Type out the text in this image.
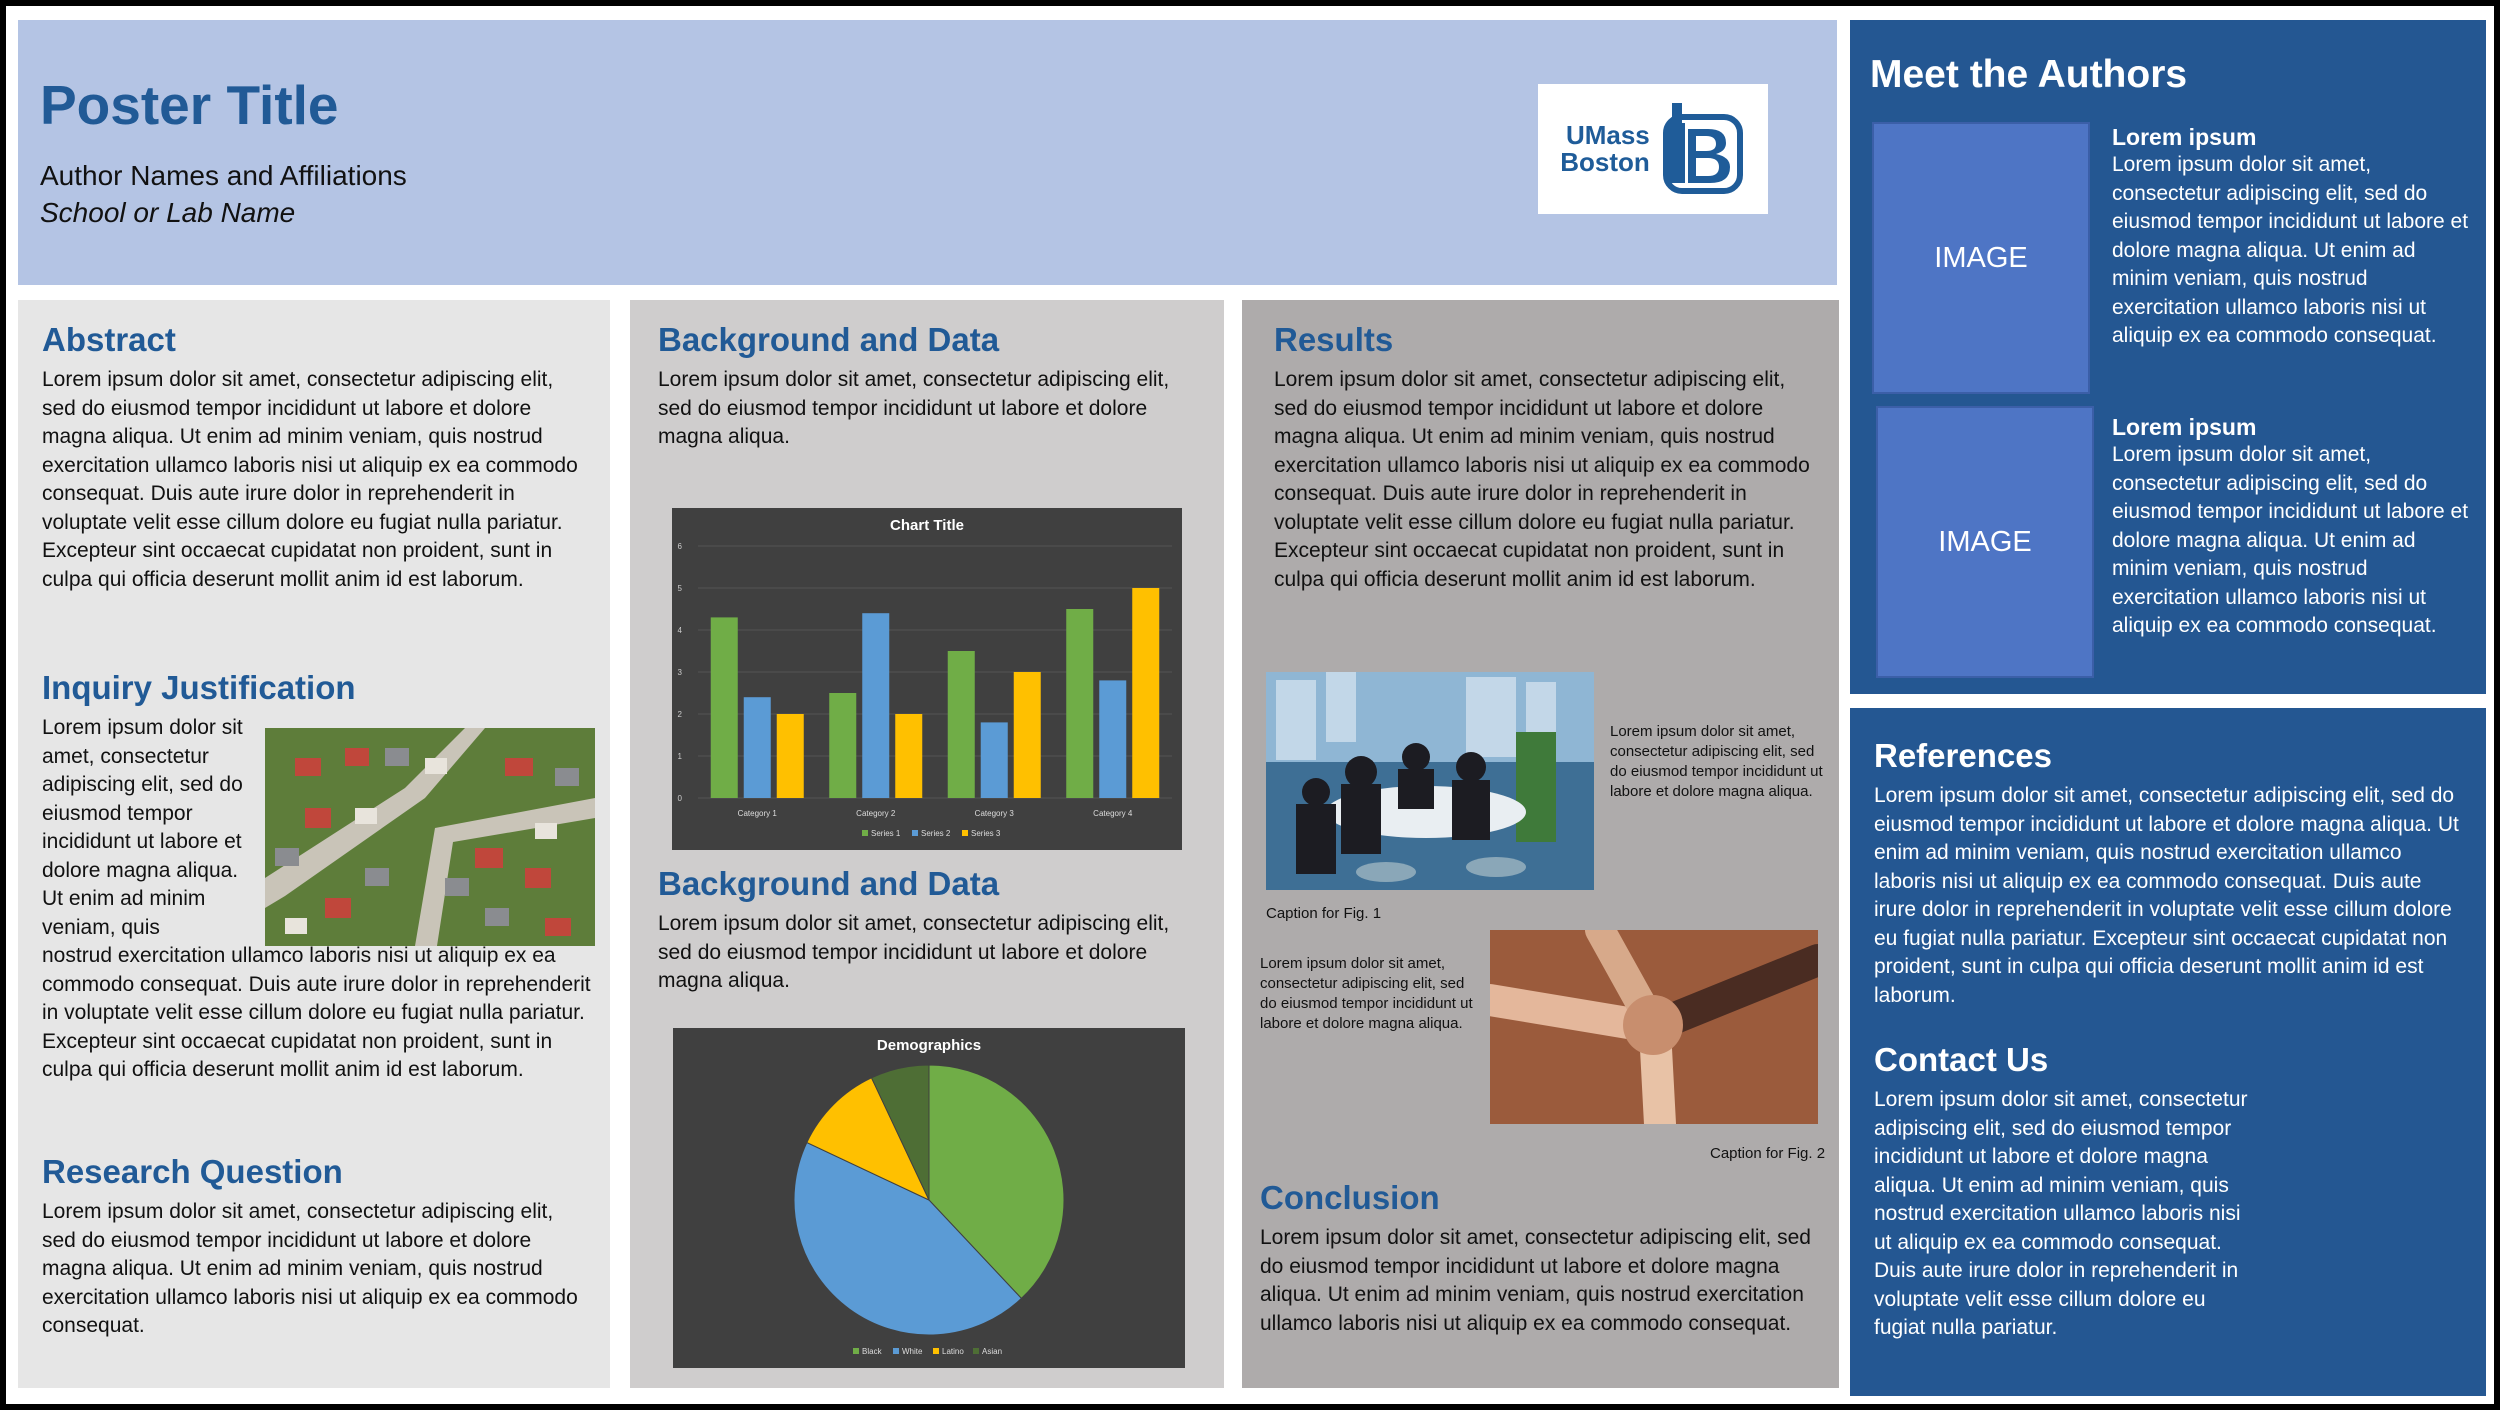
Poster Title
Author Names and Affiliations
School or Lab Name
UMass
Boston
Abstract

Lorem ipsum dolor sit amet, consectetur adipiscing elit, sed do eiusmod tempor incididunt ut labore et dolore magna aliqua. Ut enim ad minim veniam, quis nostrud exercitation ullamco laboris nisi ut aliquip ex ea commodo consequat. Duis aute irure dolor in reprehenderit in voluptate velit esse cillum dolore eu fugiat nulla pariatur. Excepteur sint occaecat cupidatat non proident, sunt in culpa qui officia deserunt mollit anim id est laborum.

Inquiry Justification

Lorem ipsum dolor sit amet, consectetur adipiscing elit, sed do eiusmod tempor incididunt ut labore et dolore magna aliqua. Ut enim ad minim veniam, quis

nostrud exercitation ullamco laboris nisi ut aliquip ex ea commodo consequat. Duis aute irure dolor in reprehenderit in voluptate velit esse cillum dolore eu fugiat nulla pariatur. Excepteur sint occaecat cupidatat non proident, sunt in culpa qui officia deserunt mollit anim id est laborum.

Research Question

Lorem ipsum dolor sit amet, consectetur adipiscing elit, sed do eiusmod tempor incididunt ut labore et dolore magna aliqua. Ut enim ad minim veniam, quis nostrud exercitation ullamco laboris nisi ut aliquip ex ea commodo consequat.

Background and Data

Lorem ipsum dolor sit amet, consectetur adipiscing elit, sed do eiusmod tempor incididunt ut labore et dolore magna aliqua.

Chart Title
0
1
2
3
4
5
6
Category 1	Category 2	Category 3	Category 4
Series 1	Series 2	Series 3
Background and Data

Lorem ipsum dolor sit amet, consectetur adipiscing elit, sed do eiusmod tempor incididunt ut labore et dolore magna aliqua.

Demographics
Black	White Latino Asian
Results

Lorem ipsum dolor sit amet, consectetur adipiscing elit, sed do eiusmod tempor incididunt ut labore et dolore magna aliqua. Ut enim ad minim veniam, quis nostrud exercitation ullamco laboris nisi ut aliquip ex ea commodo consequat. Duis aute irure dolor in reprehenderit in voluptate velit esse cillum dolore eu fugiat nulla pariatur. Excepteur sint occaecat cupidatat non proident, sunt in culpa qui officia deserunt mollit anim id est laborum.

Lorem ipsum dolor sit amet, consectetur adipiscing elit, sed do eiusmod tempor incididunt ut labore et dolore magna aliqua.

Caption for Fig. 1

Lorem ipsum dolor sit amet, consectetur adipiscing elit, sed do eiusmod tempor incididunt ut labore et dolore magna aliqua.

Caption for Fig. 2

Conclusion

Lorem ipsum dolor sit amet, consectetur adipiscing elit, sed do eiusmod tempor incididunt ut labore et dolore magna aliqua. Ut enim ad minim veniam, quis nostrud exercitation ullamco laboris nisi ut aliquip ex ea commodo consequat.

Meet the Authors
IMAGE
Lorem ipsum
Lorem ipsum dolor sit amet, consectetur adipiscing elit, sed do eiusmod tempor incididunt ut labore et dolore magna aliqua. Ut enim ad minim veniam, quis nostrud exercitation ullamco laboris nisi ut aliquip ex ea commodo consequat.
IMAGE
Lorem ipsum
Lorem ipsum dolor sit amet, consectetur adipiscing elit, sed do eiusmod tempor incididunt ut labore et dolore magna aliqua. Ut enim ad minim veniam, quis nostrud exercitation ullamco laboris nisi ut aliquip ex ea commodo consequat.
References

Lorem ipsum dolor sit amet, consectetur adipiscing elit, sed do eiusmod tempor incididunt ut labore et dolore magna aliqua. Ut enim ad minim veniam, quis nostrud exercitation ullamco laboris nisi ut aliquip ex ea commodo consequat. Duis aute irure dolor in reprehenderit in voluptate velit esse cillum dolore eu fugiat nulla pariatur. Excepteur sint occaecat cupidatat non proident, sunt in culpa qui officia deserunt mollit anim id est laborum.

Contact Us

Lorem ipsum dolor sit amet, consectetur adipiscing elit, sed do eiusmod tempor incididunt ut labore et dolore magna aliqua. Ut enim ad minim veniam, quis nostrud exercitation ullamco laboris nisi ut aliquip ex ea commodo consequat. Duis aute irure dolor in reprehenderit in voluptate velit esse cillum dolore eu fugiat nulla pariatur.
